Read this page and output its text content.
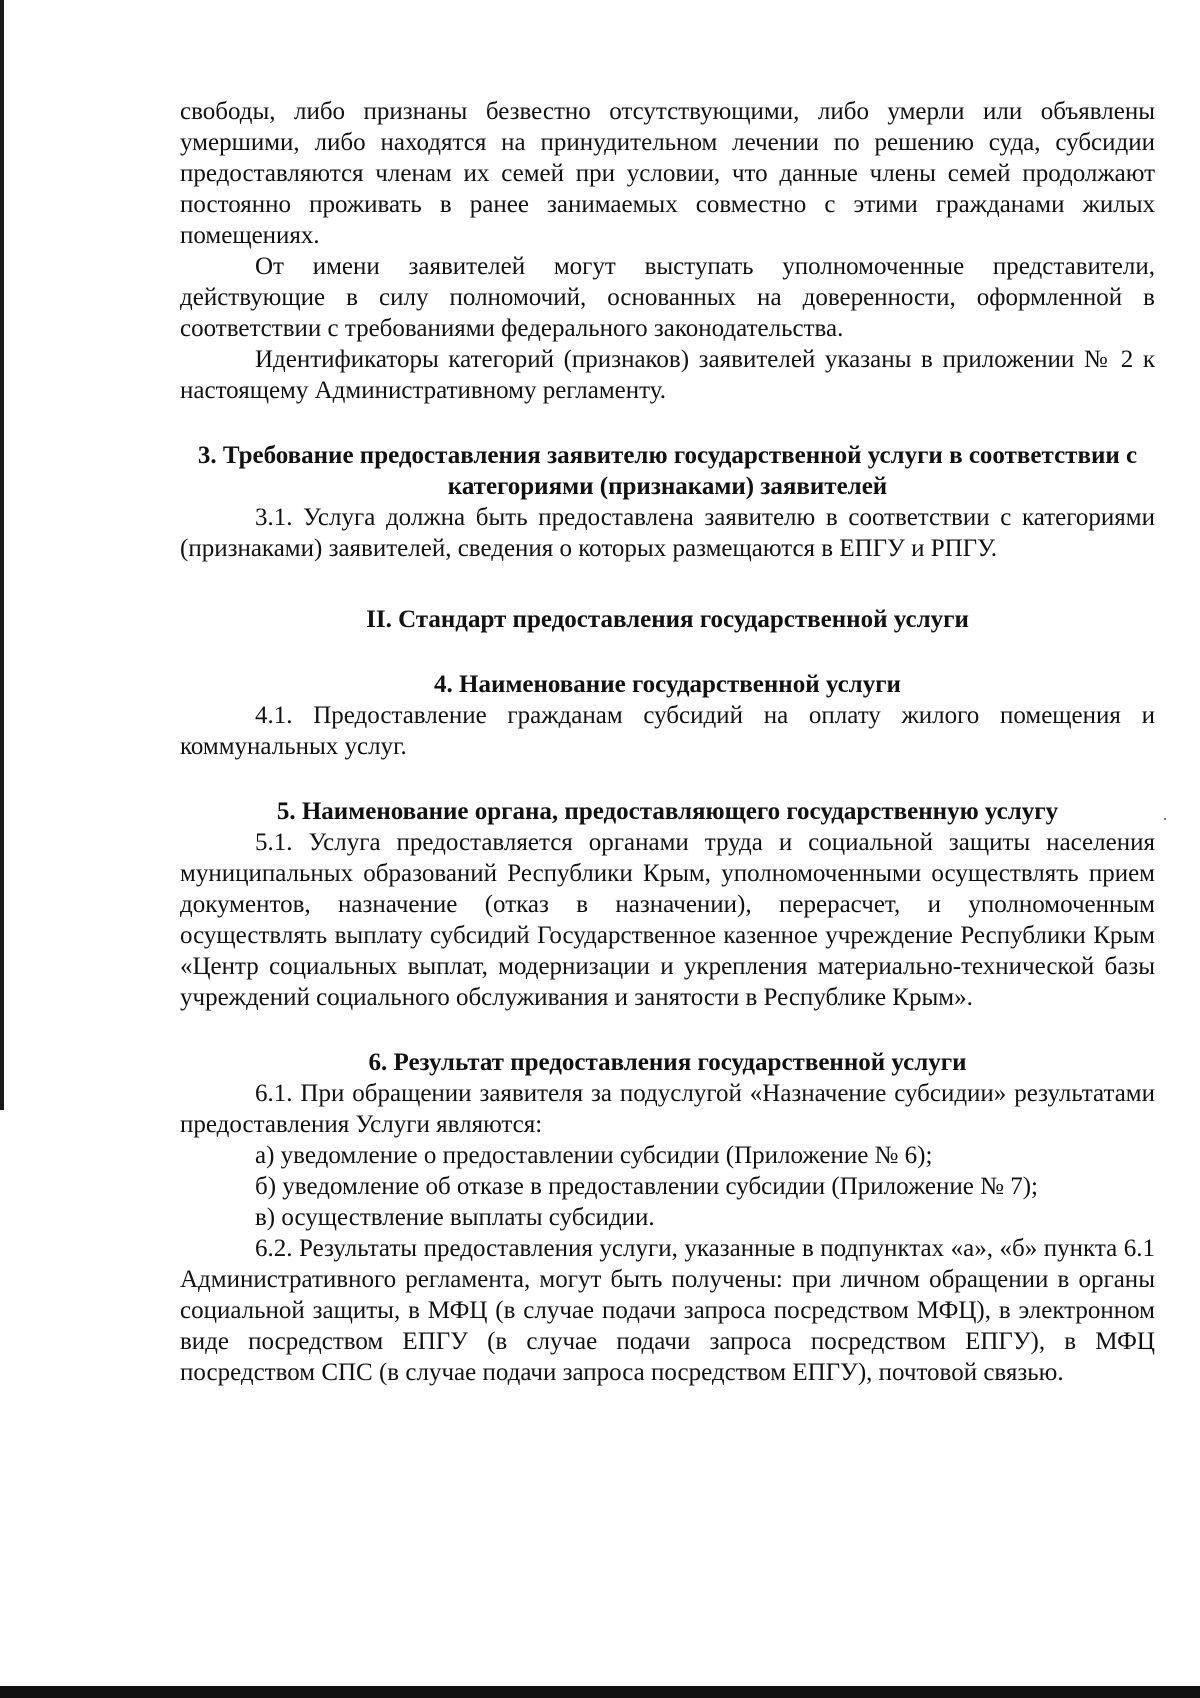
свободы, либо признаны безвестно отсутствующими, либо умерли или объявлены умершими, либо находятся на принудительном лечении по решению суда, субсидии предоставляются членам их семей при условии, что данные члены семей продолжают постоянно проживать в ранее занимаемых совместно с этими гражданами жилых помещениях.

От имени заявителей могут выступать уполномоченные представители, действующие в силу полномочий, основанных на доверенности, оформленной в соответствии с требованиями федерального законодательства.

Идентификаторы категорий (признаков) заявителей указаны в приложении № 2 к настоящему Административному регламенту.

3. Требование предоставления заявителю государственной услуги в соответствии с категориями (признаками) заявителей

3.1. Услуга должна быть предоставлена заявителю в соответствии с категориями (признаками) заявителей, сведения о которых размещаются в ЕПГУ и РПГУ.

II. Стандарт предоставления государственной услуги
4. Наименование государственной услуги

4.1. Предоставление гражданам субсидий на оплату жилого помещения и коммунальных услуг.

5. Наименование органа, предоставляющего государственную услугу

5.1. Услуга предоставляется органами труда и социальной защиты населения муниципальных образований Республики Крым, уполномоченными осуществлять прием документов, назначение (отказ в назначении), перерасчет, и уполномоченным осуществлять выплату субсидий Государственное казенное учреждение Республики Крым «Центр социальных выплат, модернизации и укрепления материально-технической базы учреждений социального обслуживания и занятости в Республике Крым».

6. Результат предоставления государственной услуги

6.1. При обращении заявителя за подуслугой «Назначение субсидии» результатами предоставления Услуги являются:

а) уведомление о предоставлении субсидии (Приложение № 6);

б) уведомление об отказе в предоставлении субсидии (Приложение № 7);

в) осуществление выплаты субсидии.

6.2. Результаты предоставления услуги, указанные в подпунктах «а», «б» пункта 6.1 Административного регламента, могут быть получены: при личном обращении в органы социальной защиты, в МФЦ (в случае подачи запроса посредством МФЦ), в электронном виде посредством ЕПГУ (в случае подачи запроса посредством ЕПГУ), в МФЦ посредством СПС (в случае подачи запроса посредством ЕПГУ), почтовой связью.
